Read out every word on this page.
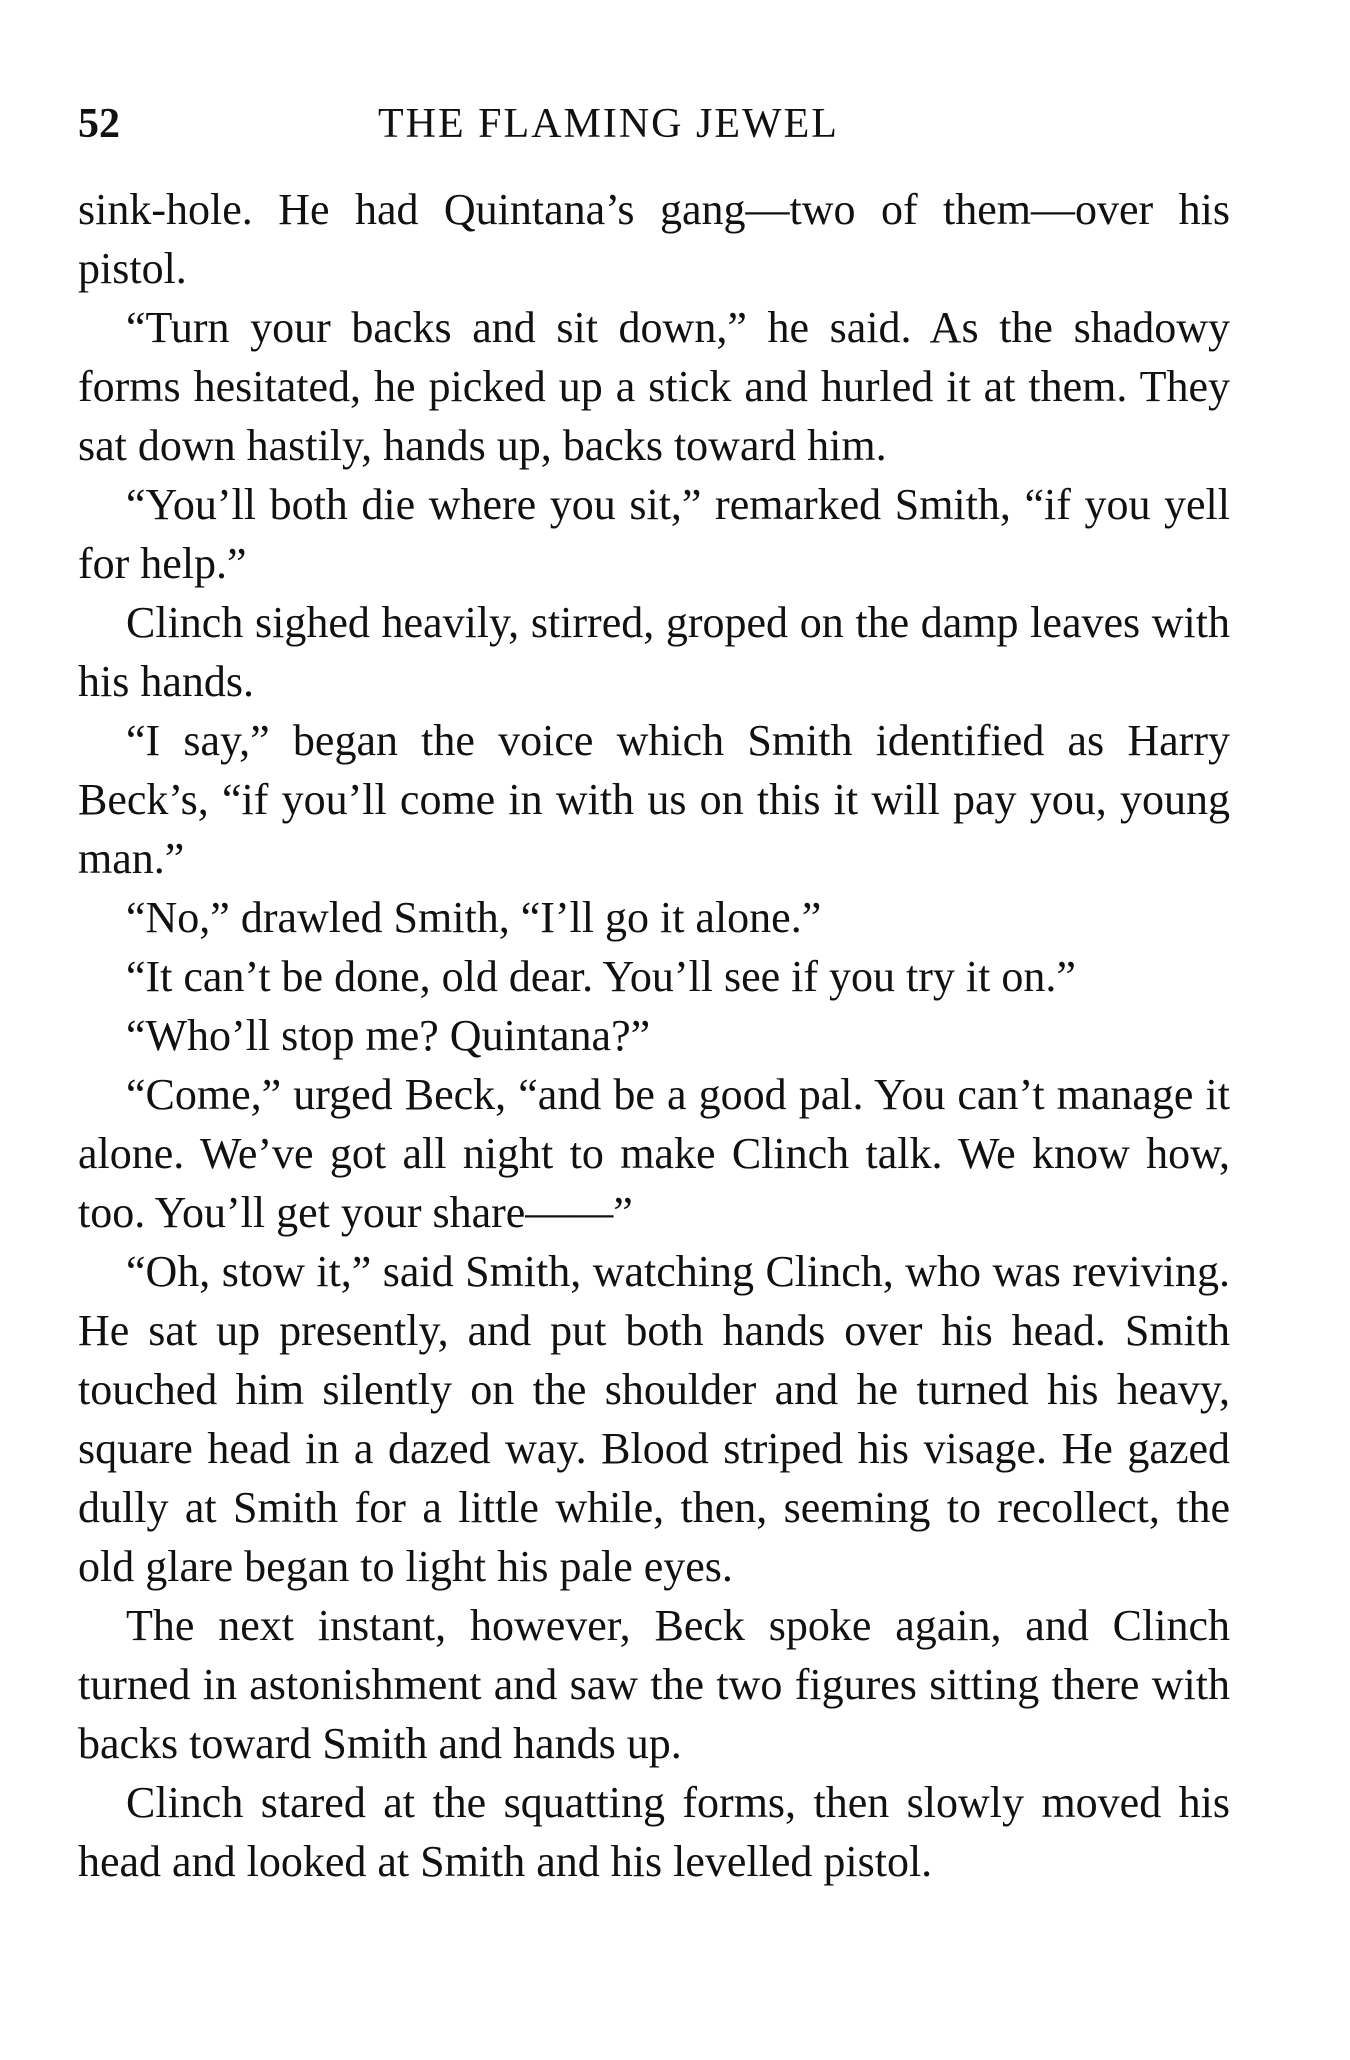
52	THE FLAMING JEWEL

sink-hole. He had Quintana’s gang—two of them—over his pistol.

“Turn your backs and sit down,” he said. As the shadowy forms hesitated, he picked up a stick and hurled it at them. They sat down hastily, hands up, backs toward him.

“You’ll both die where you sit,” remarked Smith, “if you yell for help.”

Clinch sighed heavily, stirred, groped on the damp leaves with his hands.

“I say,” began the voice which Smith identified as Harry Beck’s, “if you’ll come in with us on this it will pay you, young man.”

“No,” drawled Smith, “I’ll go it alone.”

“It can’t be done, old dear. You’ll see if you try it on.”

“Who’ll stop me? Quintana?”

“Come,” urged Beck, “and be a good pal. You can’t manage it alone. We’ve got all night to make Clinch talk. We know how, too. You’ll get your share——”

“Oh, stow it,” said Smith, watching Clinch, who was reviving. He sat up presently, and put both hands over his head. Smith touched him silently on the shoulder and he turned his heavy, square head in a dazed way. Blood striped his visage. He gazed dully at Smith for a little while, then, seeming to recollect, the old glare began to light his pale eyes.

The next instant, however, Beck spoke again, and Clinch turned in astonishment and saw the two figures sitting there with backs toward Smith and hands up.

Clinch stared at the squatting forms, then slowly moved his head and looked at Smith and his levelled pistol.
